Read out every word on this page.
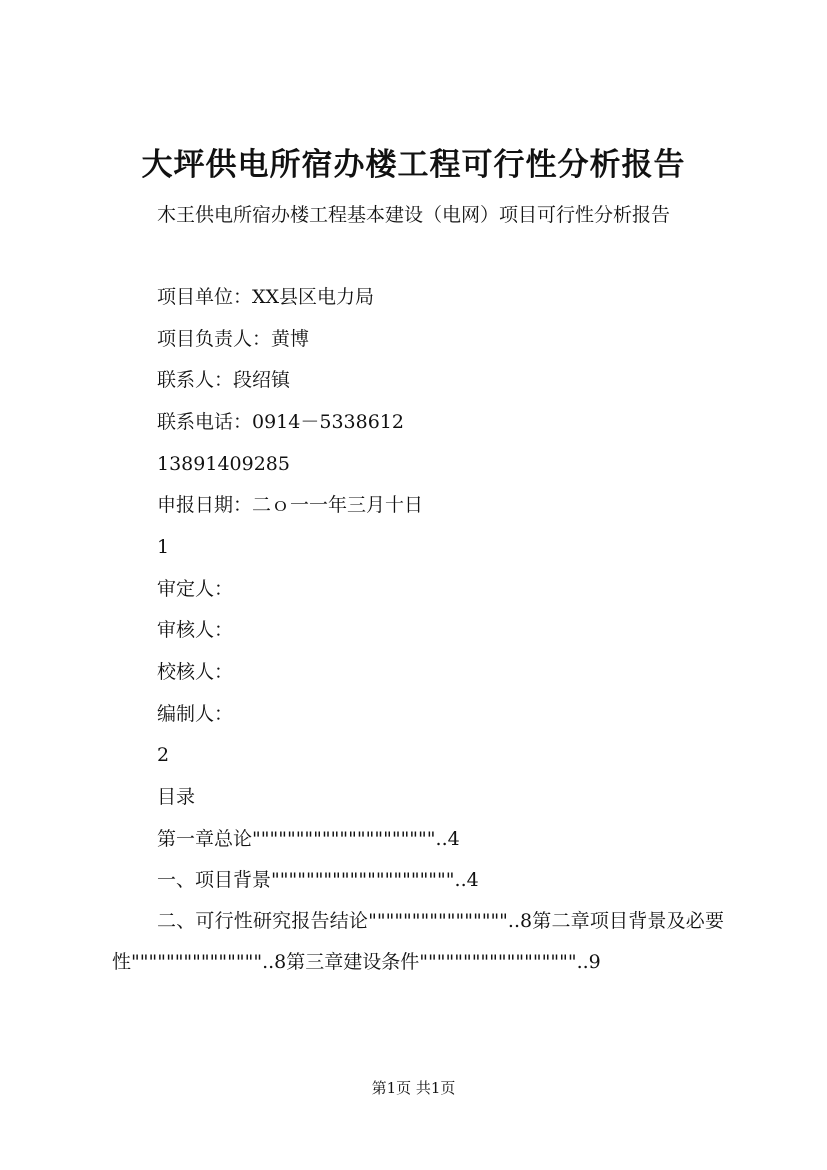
大坪供电所宿办楼工程可行性分析报告

木王供电所宿办楼工程基本建设（电网）项目可行性分析报告

项目单位：XX县区电力局
项目负责人：黄博
联系人：段绍镇
联系电话：0914－5338612
13891409285
申报日期：二ｏ一一年三月十日
1
审定人：
审核人：
校核人：
编制人：
2
目录
第一章总论"""""""""""""""""""""..4
一、项目背景"""""""""""""""""""""..4

二、可行性研究报告结论""""""""""""""""..8第二章项目背景及必要性"""""""""""""""..8第三章建设条件""""""""""""""""""..9

第1页 共1页
